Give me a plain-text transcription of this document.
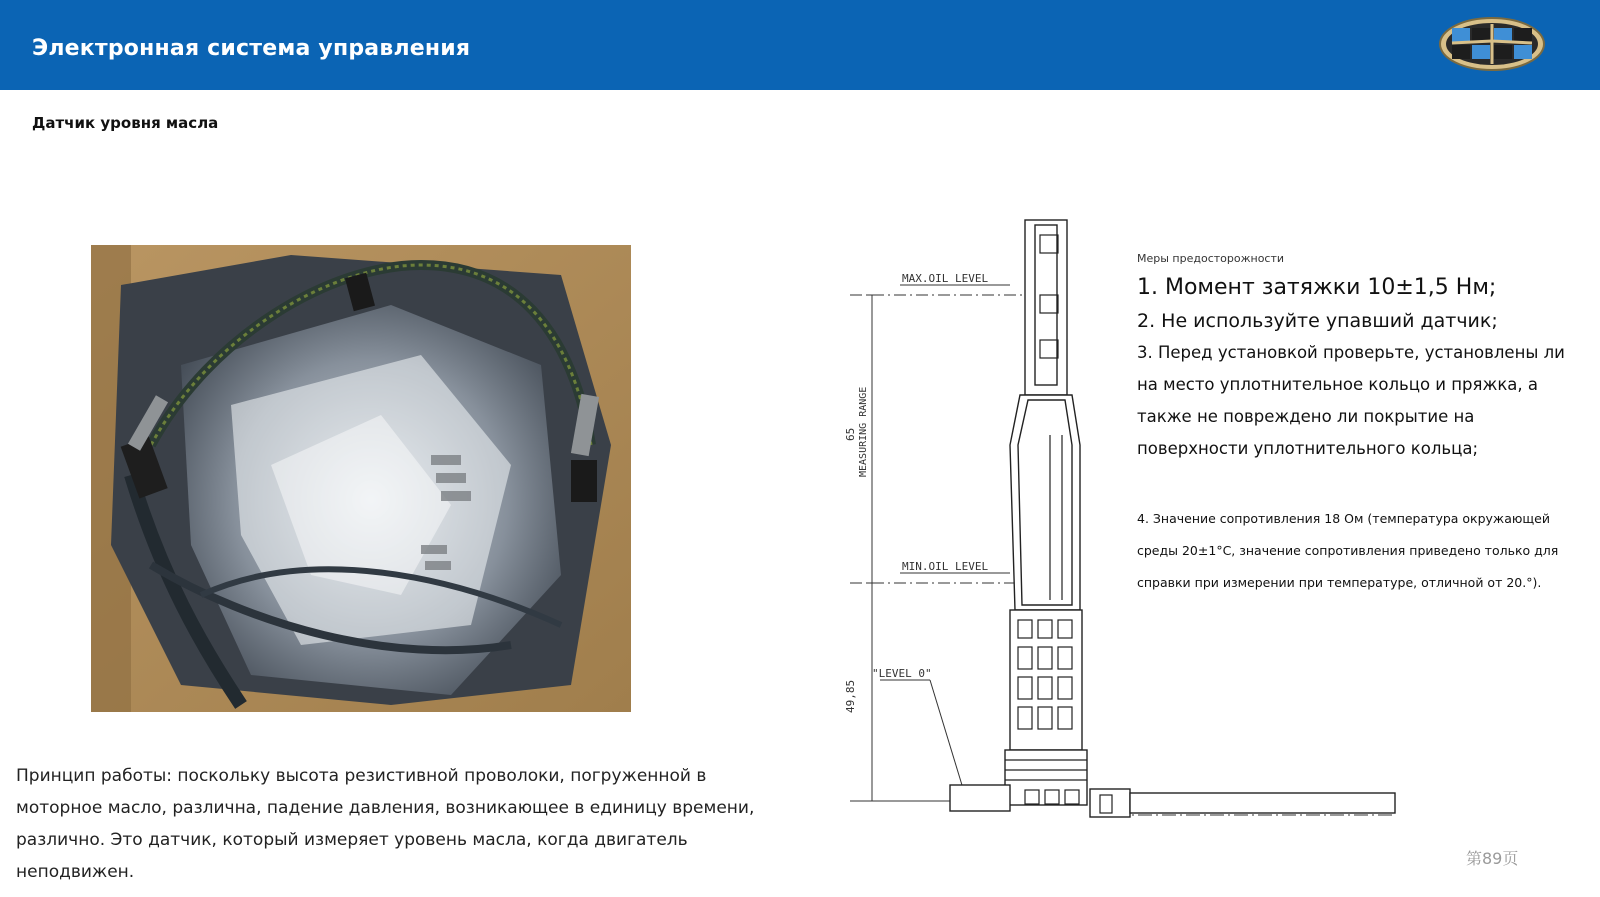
Электронная система управления
Датчик уровня масла
Принцип работы: поскольку высота резистивной проволоки, погруженной в моторное масло, различна, падение давления, возникающее в единицу времени, различно. Это датчик, который измеряет уровень масла, когда двигатель неподвижен.
MAX.OIL LEVEL
MIN.OIL LEVEL
"LEVEL 0"
65 MEASURING RANGE
49,85
Меры предосторожности
1. Момент затяжки 10±1,5 Нм;
2. Не используйте упавший датчик;
3. Перед установкой проверьте, установлены ли на место уплотнительное кольцо и пряжка, а также не повреждено ли покрытие на поверхности уплотнительного кольца;
4. Значение сопротивления 18 Ом (температура окружающей среды 20±1°С, значение сопротивления приведено только для справки при измерении при температуре, отличной от 20.°).
第89页
